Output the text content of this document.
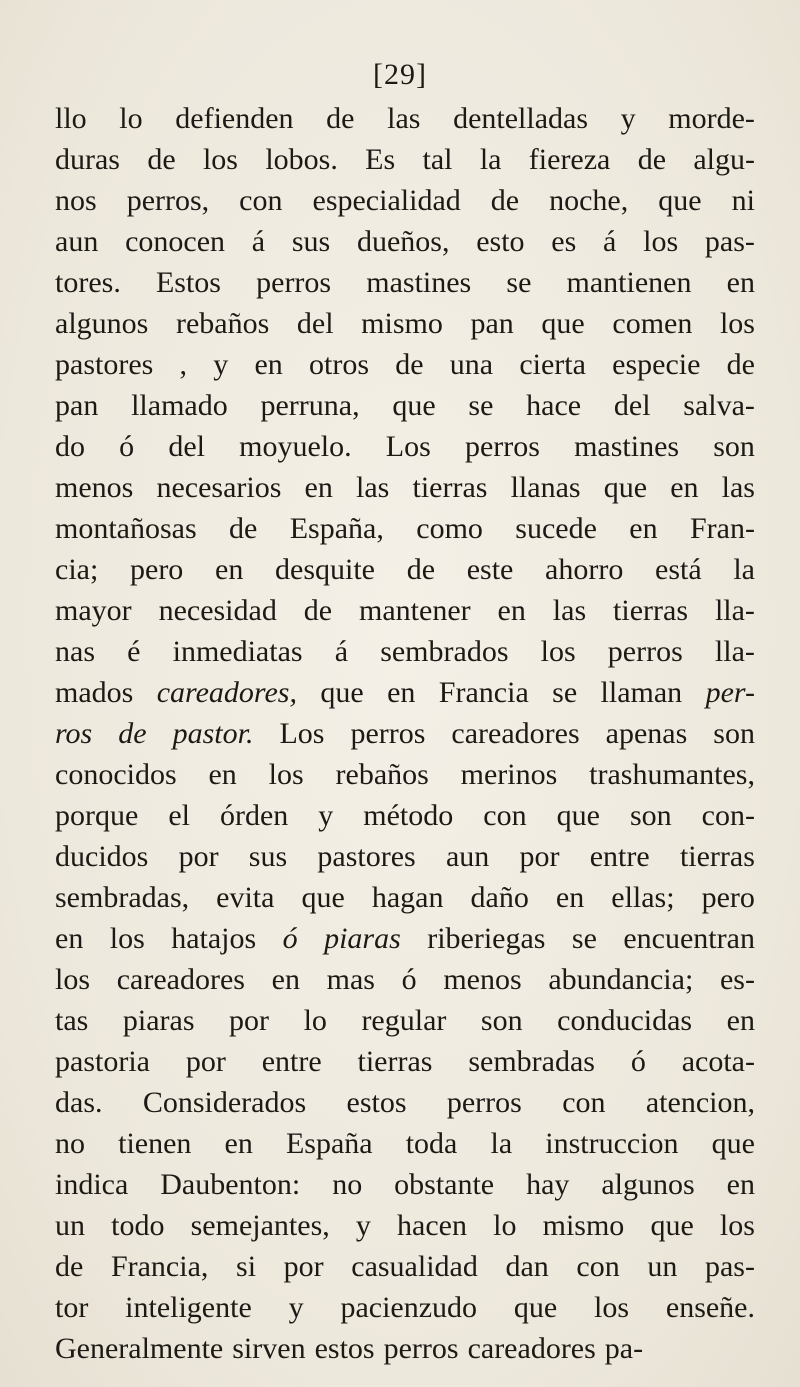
[29]
llo lo defienden de las dentelladas y morde-
duras de los lobos. Es tal la fiereza de algu-
nos perros, con especialidad de noche, que ni
aun conocen á sus dueños, esto es á los pas-
tores. Estos perros mastines se mantienen en
algunos rebaños del mismo pan que comen los
pastores , y en otros de una cierta especie de
pan llamado perruna, que se hace del salva-
do ó del moyuelo. Los perros mastines son
menos necesarios en las tierras llanas que en las
montañosas de España, como sucede en Fran-
cia; pero en desquite de este ahorro está la
mayor necesidad de mantener en las tierras lla-
nas é inmediatas á sembrados los perros lla-
mados careadores, que en Francia se llaman per-
ros de pastor. Los perros careadores apenas son
conocidos en los rebaños merinos trashumantes,
porque el órden y método con que son con-
ducidos por sus pastores aun por entre tierras
sembradas, evita que hagan daño en ellas; pero
en los hatajos ó piaras riberiegas se encuentran
los careadores en mas ó menos abundancia; es-
tas piaras por lo regular son conducidas en
pastoria por entre tierras sembradas ó acota-
das. Considerados estos perros con atencion,
no tienen en España toda la instruccion que
indica Daubenton: no obstante hay algunos en
un todo semejantes, y hacen lo mismo que los
de Francia, si por casualidad dan con un pas-
tor inteligente y pacienzudo que los enseñe.
Generalmente sirven estos perros careadores pa-
